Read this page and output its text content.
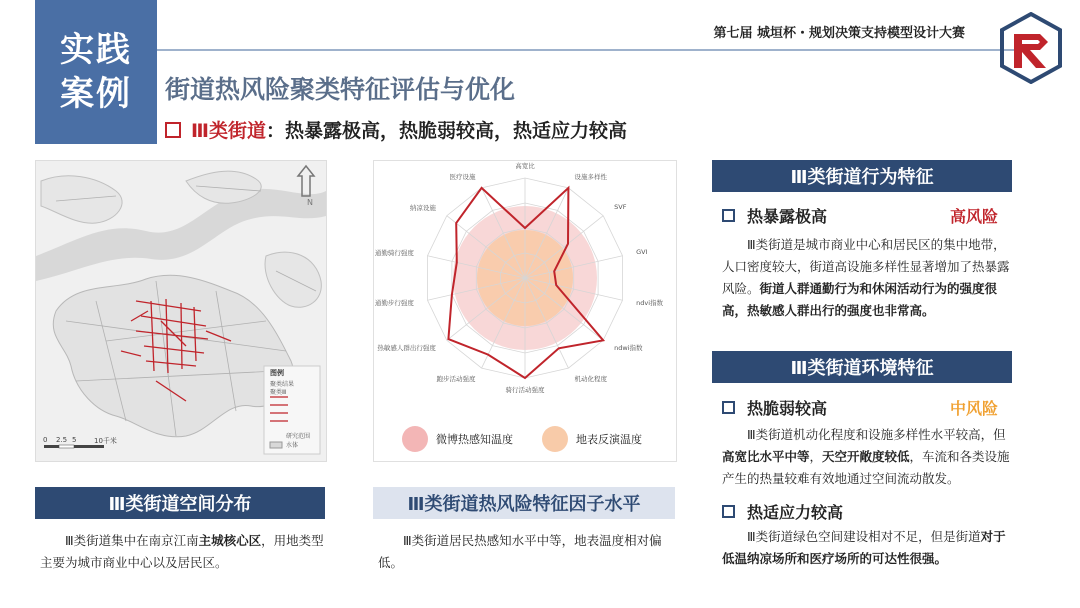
实践
案例
第七届 城垣杯・规划决策支持模型设计大赛
街道热风险聚类特征评估与优化
Ⅲ类街道 ：热暴露极高，热脆弱较高，热适应力较高
N
图例
聚类结果
聚类Ⅲ
研究范围
水体
0 2.5 5	10千米
高宽比
设施多样性
SVF
GVI
ndvi指数
ndwi指数
机动化程度
骑行活动强度
跑步活动强度
热敏感人群出行强度
通勤步行强度
通勤骑行强度
纳凉设施
医疗设施
微博热感知温度	地表反演温度
Ⅲ类街道空间分布
Ⅲ类街道集中在南京江南主城核心区，用地类型主要为城市商业中心以及居民区。
Ⅲ类街道热风险特征因子水平
Ⅲ类街道居民热感知水平中等，地表温度相对偏低。
Ⅲ类街道行为特征
热暴露极高	高风险
Ⅲ类街道是城市商业中心和居民区的集中地带，人口密度较大，街道高设施多样性显著增加了热暴露风险。街道人群通勤行为和休闲活动行为的强度很高，热敏感人群出行的强度也非常高。
Ⅲ类街道环境特征
热脆弱较高	中风险
Ⅲ类街道机动化程度和设施多样性水平较高，但高宽比水平中等，天空开敞度较低，车流和各类设施产生的热量较难有效地通过空间流动散发。
热适应力较高
Ⅲ类街道绿色空间建设相对不足，但是街道对于低温纳凉场所和医疗场所的可达性很强。
